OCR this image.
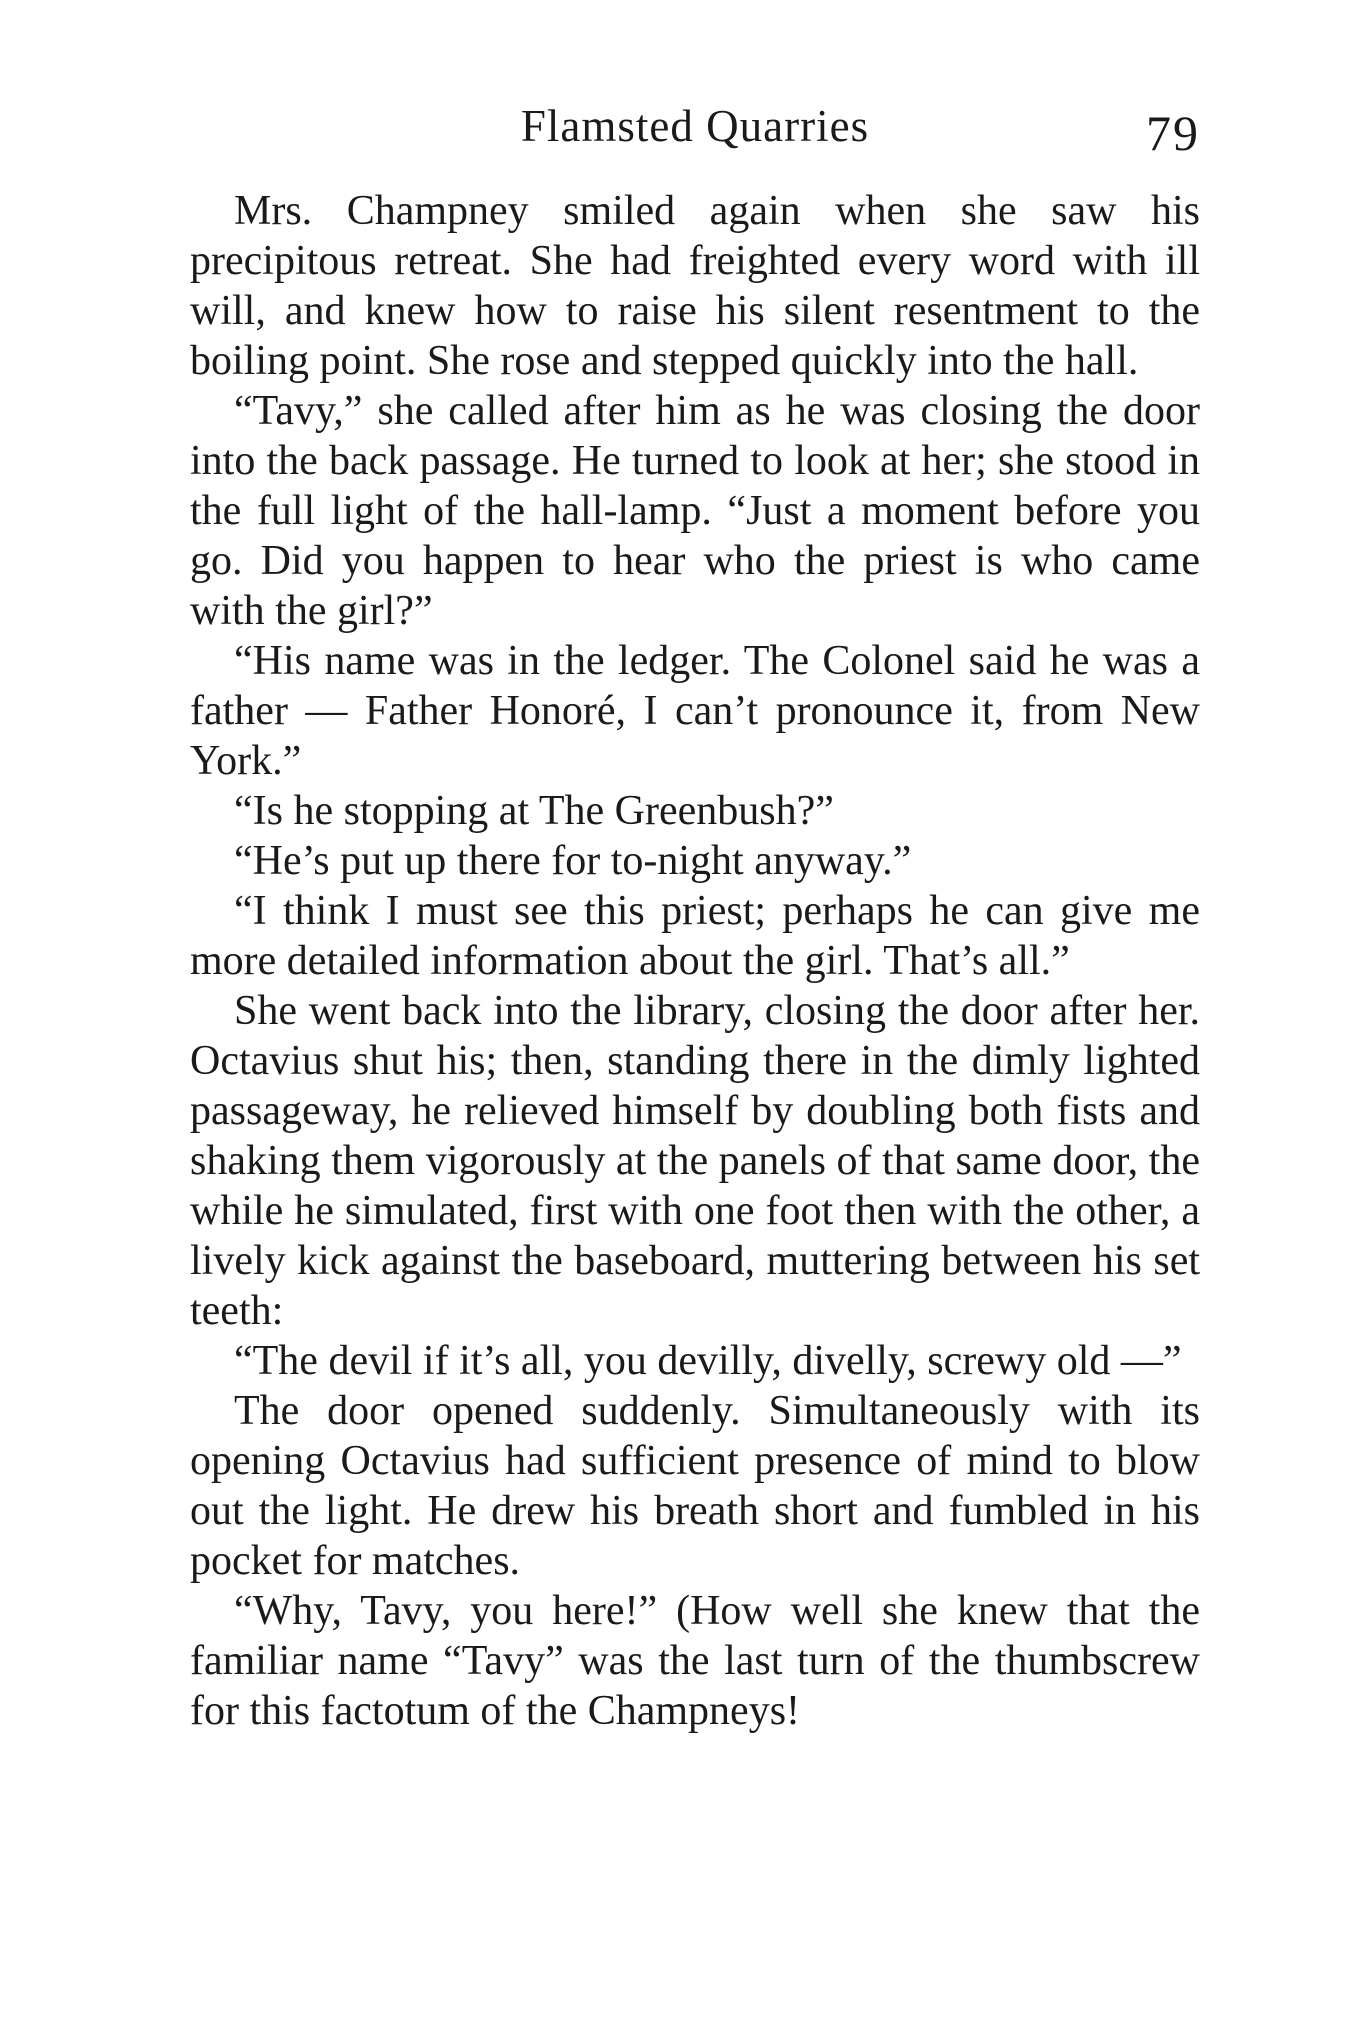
Flamsted Quarries	79

Mrs. Champney smiled again when she saw his precipitous retreat. She had freighted every word with ill will, and knew how to raise his silent resentment to the boiling point. She rose and stepped quickly into the hall.

“Tavy,” she called after him as he was closing the door into the back passage. He turned to look at her; she stood in the full light of the hall-lamp. “Just a moment before you go. Did you happen to hear who the priest is who came with the girl?”

“His name was in the ledger. The Colonel said he was a father — Father Honoré, I can’t pronounce it, from New York.”

“Is he stopping at The Greenbush?”

“He’s put up there for to-night anyway.”

“I think I must see this priest; perhaps he can give me more detailed information about the girl. That’s all.”

She went back into the library, closing the door after her. Octavius shut his; then, standing there in the dimly lighted passageway, he relieved himself by doubling both fists and shaking them vigorously at the panels of that same door, the while he simulated, first with one foot then with the other, a lively kick against the baseboard, muttering between his set teeth:

“The devil if it’s all, you devilly, divelly, screwy old —”

The door opened suddenly. Simultaneously with its opening Octavius had sufficient presence of mind to blow out the light. He drew his breath short and fumbled in his pocket for matches.

“Why, Tavy, you here!” (How well she knew that the familiar name “Tavy” was the last turn of the thumbscrew for this factotum of the Champneys!
